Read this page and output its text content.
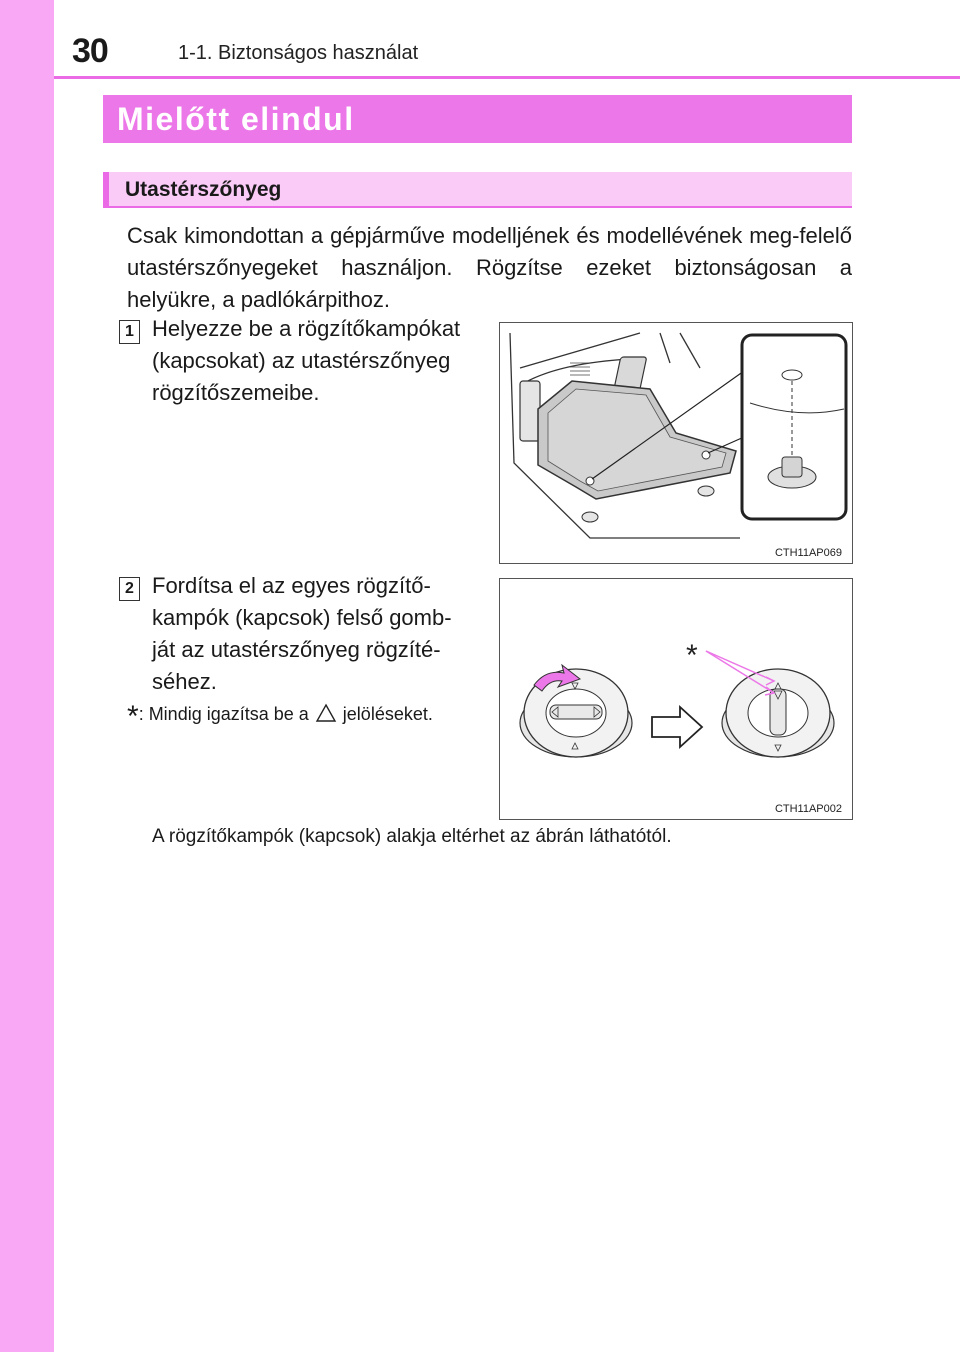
30	1-1. Biztonságos használat
Mielőtt elindul
Utastérszőnyeg
Csak kimondottan a gépjárműve modelljének és modellévének meg-felelő utastérszőnyegeket használjon. Rögzítse ezeket biztonságosan a helyükre, a padlókárpithoz.
1 Helyezze be a rögzítőkampókat
(kapcsokat) az utastérszőnyeg
rögzítőszemeibe.
CTH11AP069
2 Fordítsa el az egyes rögzítő-
kampók (kapcsok) felső gomb-
ját az utastérszőnyeg rögzíté-
séhez.
*: Mindig igazítsa be a jelöléseket.
*
CTH11AP002
A rögzítőkampók (kapcsok) alakja eltérhet az ábrán láthatótól.
